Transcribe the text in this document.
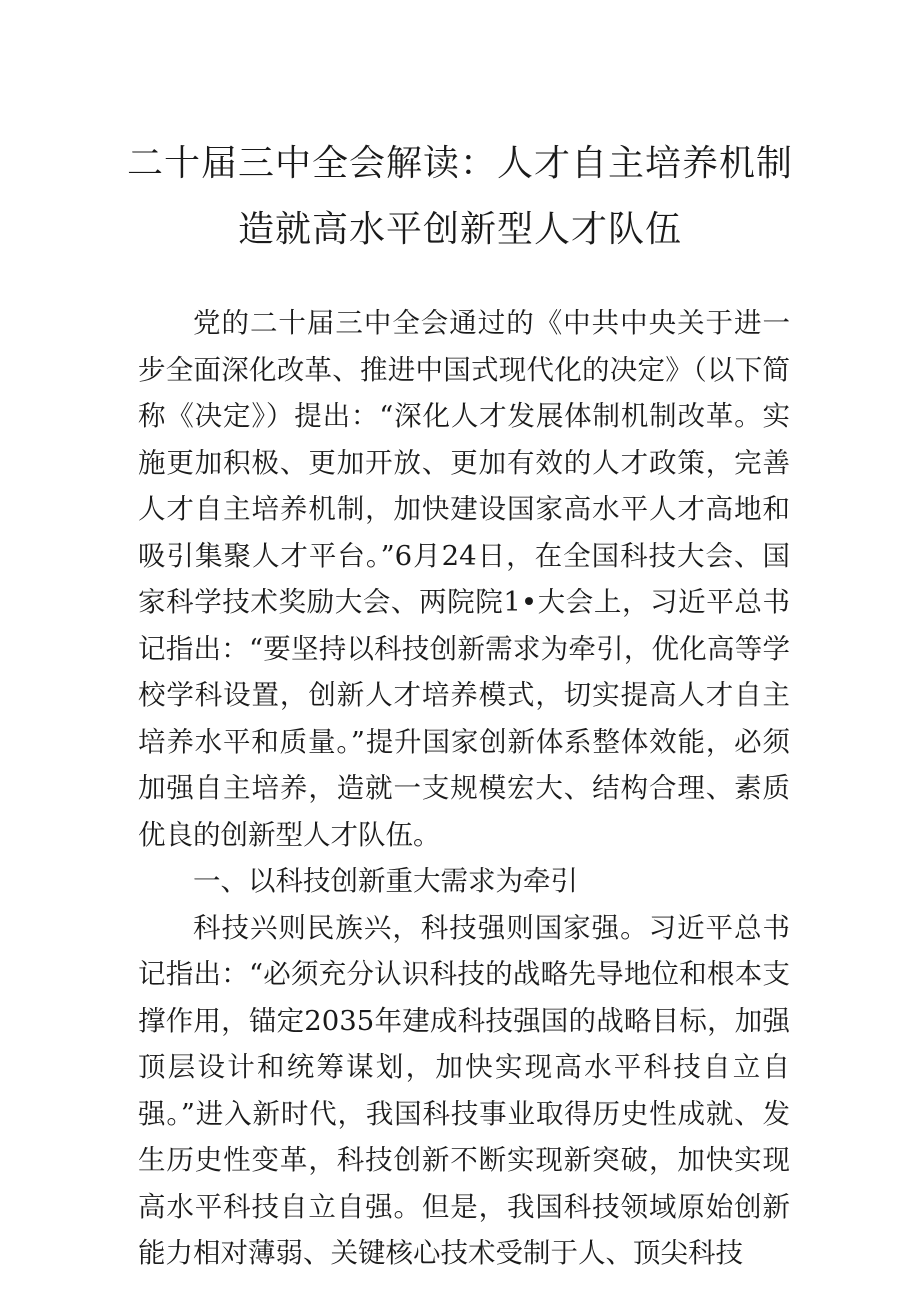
二十届三中全会解读：人才自主培养机制
造就高水平创新型人才队伍

党的二十届三中全会通过的《中共中央关于进一步全面深化改革、推进中国式现代化的决定》（以下简称《决定》）提出：“深化人才发展体制机制改革。实施更加积极、更加开放、更加有效的人才政策，完善人才自主培养机制，加快建设国家高水平人才高地和吸引集聚人才平台。”6月24日，在全国科技大会、国家科学技术奖励大会、两院院1•大会上，习近平总书记指出：“要坚持以科技创新需求为牵引，优化高等学校学科设置，创新人才培养模式，切实提高人才自主培养水平和质量。”提升国家创新体系整体效能，必须加强自主培养，造就一支规模宏大、结构合理、素质优良的创新型人才队伍。

一、以科技创新重大需求为牵引

科技兴则民族兴，科技强则国家强。习近平总书记指出：“必须充分认识科技的战略先导地位和根本支撑作用，锚定2035年建成科技强国的战略目标，加强顶层设计和统筹谋划，加快实现高水平科技自立自强。”进入新时代，我国科技事业取得历史性成就、发生历史性变革，科技创新不断实现新突破，加快实现高水平科技自立自强。但是，我国科技领域原始创新能力相对薄弱、关键核心技术受制于人、顶尖科技
